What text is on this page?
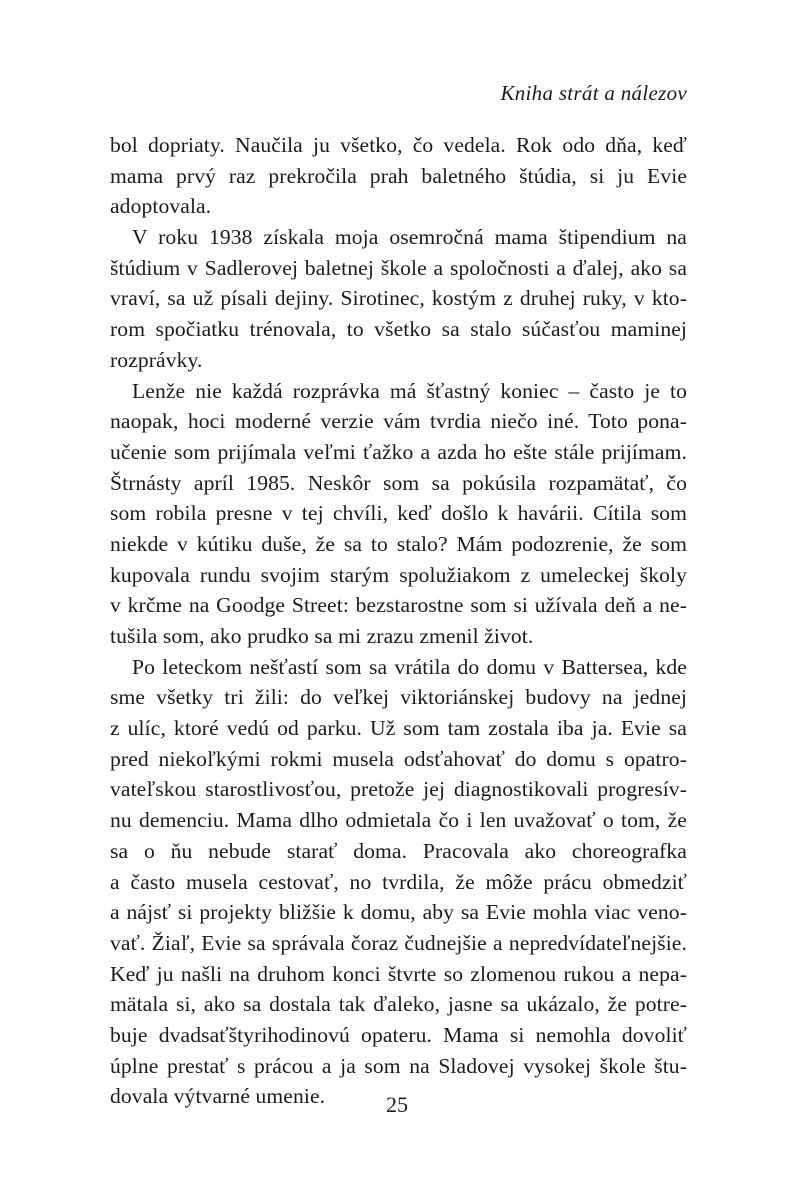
Kniha strát a nálezov
bol dopriaty. Naučila ju všetko, čo vedela. Rok odo dňa, keď
mama prvý raz prekročila prah baletného štúdia, si ju Evie
adoptovala.
V roku 1938 získala moja osemročná mama štipendium na
štúdium v Sadlerovej baletnej škole a spoločnosti a ďalej, ako sa
vraví, sa už písali dejiny. Sirotinec, kostým z druhej ruky, v kto-
rom spočiatku trénovala, to všetko sa stalo súčasťou maminej
rozprávky.
Lenže nie každá rozprávka má šťastný koniec – často je to
naopak, hoci moderné verzie vám tvrdia niečo iné. Toto pona-
učenie som prijímala veľmi ťažko a azda ho ešte stále prijímam.
Štrnásty apríl 1985. Neskôr som sa pokúsila rozpamätať, čo
som robila presne v tej chvíli, keď došlo k havárii. Cítila som
niekde v kútiku duše, že sa to stalo? Mám podozrenie, že som
kupovala rundu svojim starým spolužiakom z umeleckej školy
v krčme na Goodge Street: bezstarostne som si užívala deň a ne-
tušila som, ako prudko sa mi zrazu zmenil život.
Po leteckom nešťastí som sa vrátila do domu v Battersea, kde
sme všetky tri žili: do veľkej viktoriánskej budovy na jednej
z ulíc, ktoré vedú od parku. Už som tam zostala iba ja. Evie sa
pred niekoľkými rokmi musela odsťahovať do domu s opatro-
vateľskou starostlivosťou, pretože jej diagnostikovali progresív-
nu demenciu. Mama dlho odmietala čo i len uvažovať o tom, že
sa o ňu nebude starať doma. Pracovala ako choreografka
a často musela cestovať, no tvrdila, že môže prácu obmedziť
a nájsť si projekty bližšie k domu, aby sa Evie mohla viac veno-
vať. Žiaľ, Evie sa správala čoraz čudnejšie a nepredvídateľnejšie.
Keď ju našli na druhom konci štvrte so zlomenou rukou a nepa-
mätala si, ako sa dostala tak ďaleko, jasne sa ukázalo, že potre-
buje dvadsaťštyrihodinovú opateru. Mama si nemohla dovoliť
úplne prestať s prácou a ja som na Sladovej vysokej škole štu-
dovala výtvarné umenie.	25
